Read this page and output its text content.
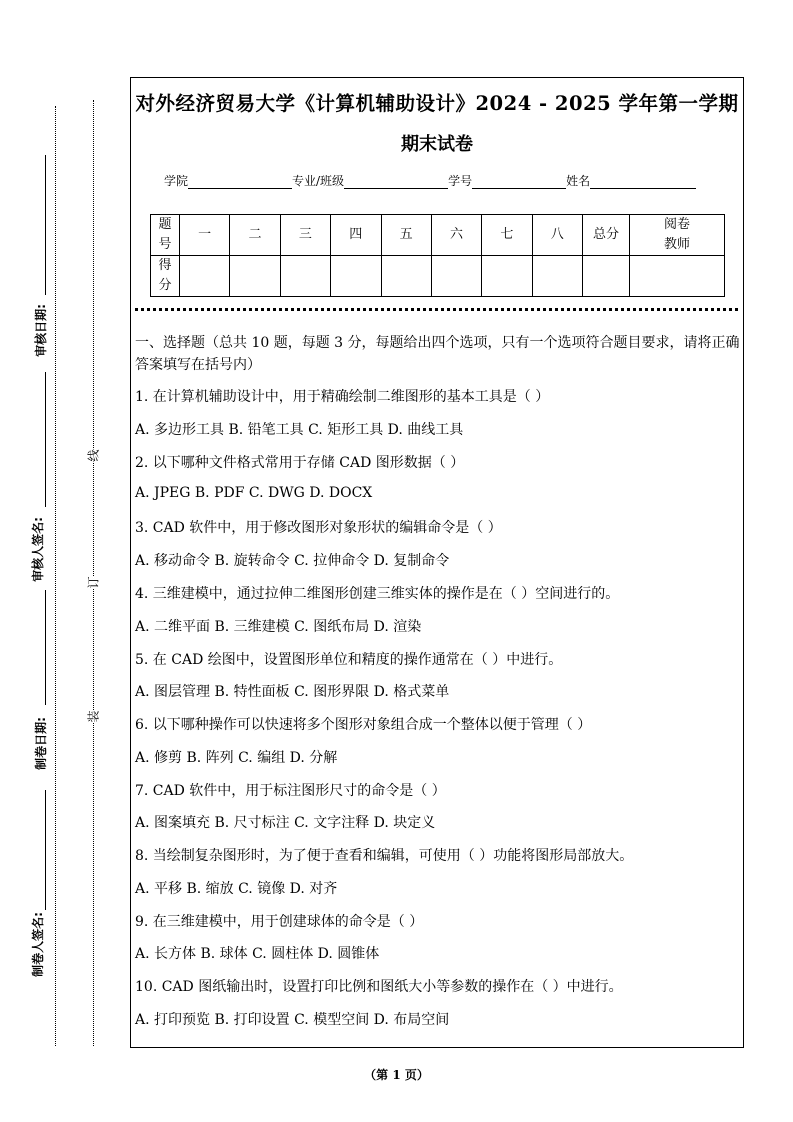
审核日期:
审核人签名:
制卷日期:
制卷人签名:
线
订
装
对外经济贸易大学《计算机辅助设计》2024 - 2025 学年第一学期
期末试卷
学院	专业/班级	学号	姓名
题号	一	二	三	四	五	六	七	八	总分	阅卷教师

得分										

一、选择题（总共 10 题，每题 3 分，每题给出四个选项，只有一个选项符合题目要求，请将正确答案填写在括号内）
1. 在计算机辅助设计中，用于精确绘制二维图形的基本工具是（ ）
A. 多边形工具 B. 铅笔工具 C. 矩形工具 D. 曲线工具
2. 以下哪种文件格式常用于存储 CAD 图形数据（ ）
A. JPEG B. PDF C. DWG D. DOCX
3. CAD 软件中，用于修改图形对象形状的编辑命令是（ ）
A. 移动命令 B. 旋转命令 C. 拉伸命令 D. 复制命令
4. 三维建模中，通过拉伸二维图形创建三维实体的操作是在（ ）空间进行的。
A. 二维平面 B. 三维建模 C. 图纸布局 D. 渲染
5. 在 CAD 绘图中，设置图形单位和精度的操作通常在（ ）中进行。
A. 图层管理 B. 特性面板 C. 图形界限 D. 格式菜单
6. 以下哪种操作可以快速将多个图形对象组合成一个整体以便于管理（ ）
A. 修剪 B. 阵列 C. 编组 D. 分解
7. CAD 软件中，用于标注图形尺寸的命令是（ ）
A. 图案填充 B. 尺寸标注 C. 文字注释 D. 块定义
8. 当绘制复杂图形时，为了便于查看和编辑，可使用（ ）功能将图形局部放大。
A. 平移 B. 缩放 C. 镜像 D. 对齐
9. 在三维建模中，用于创建球体的命令是（ ）
A. 长方体 B. 球体 C. 圆柱体 D. 圆锥体
10. CAD 图纸输出时，设置打印比例和图纸大小等参数的操作在（ ）中进行。
A. 打印预览 B. 打印设置 C. 模型空间 D. 布局空间
（第 1 页）
